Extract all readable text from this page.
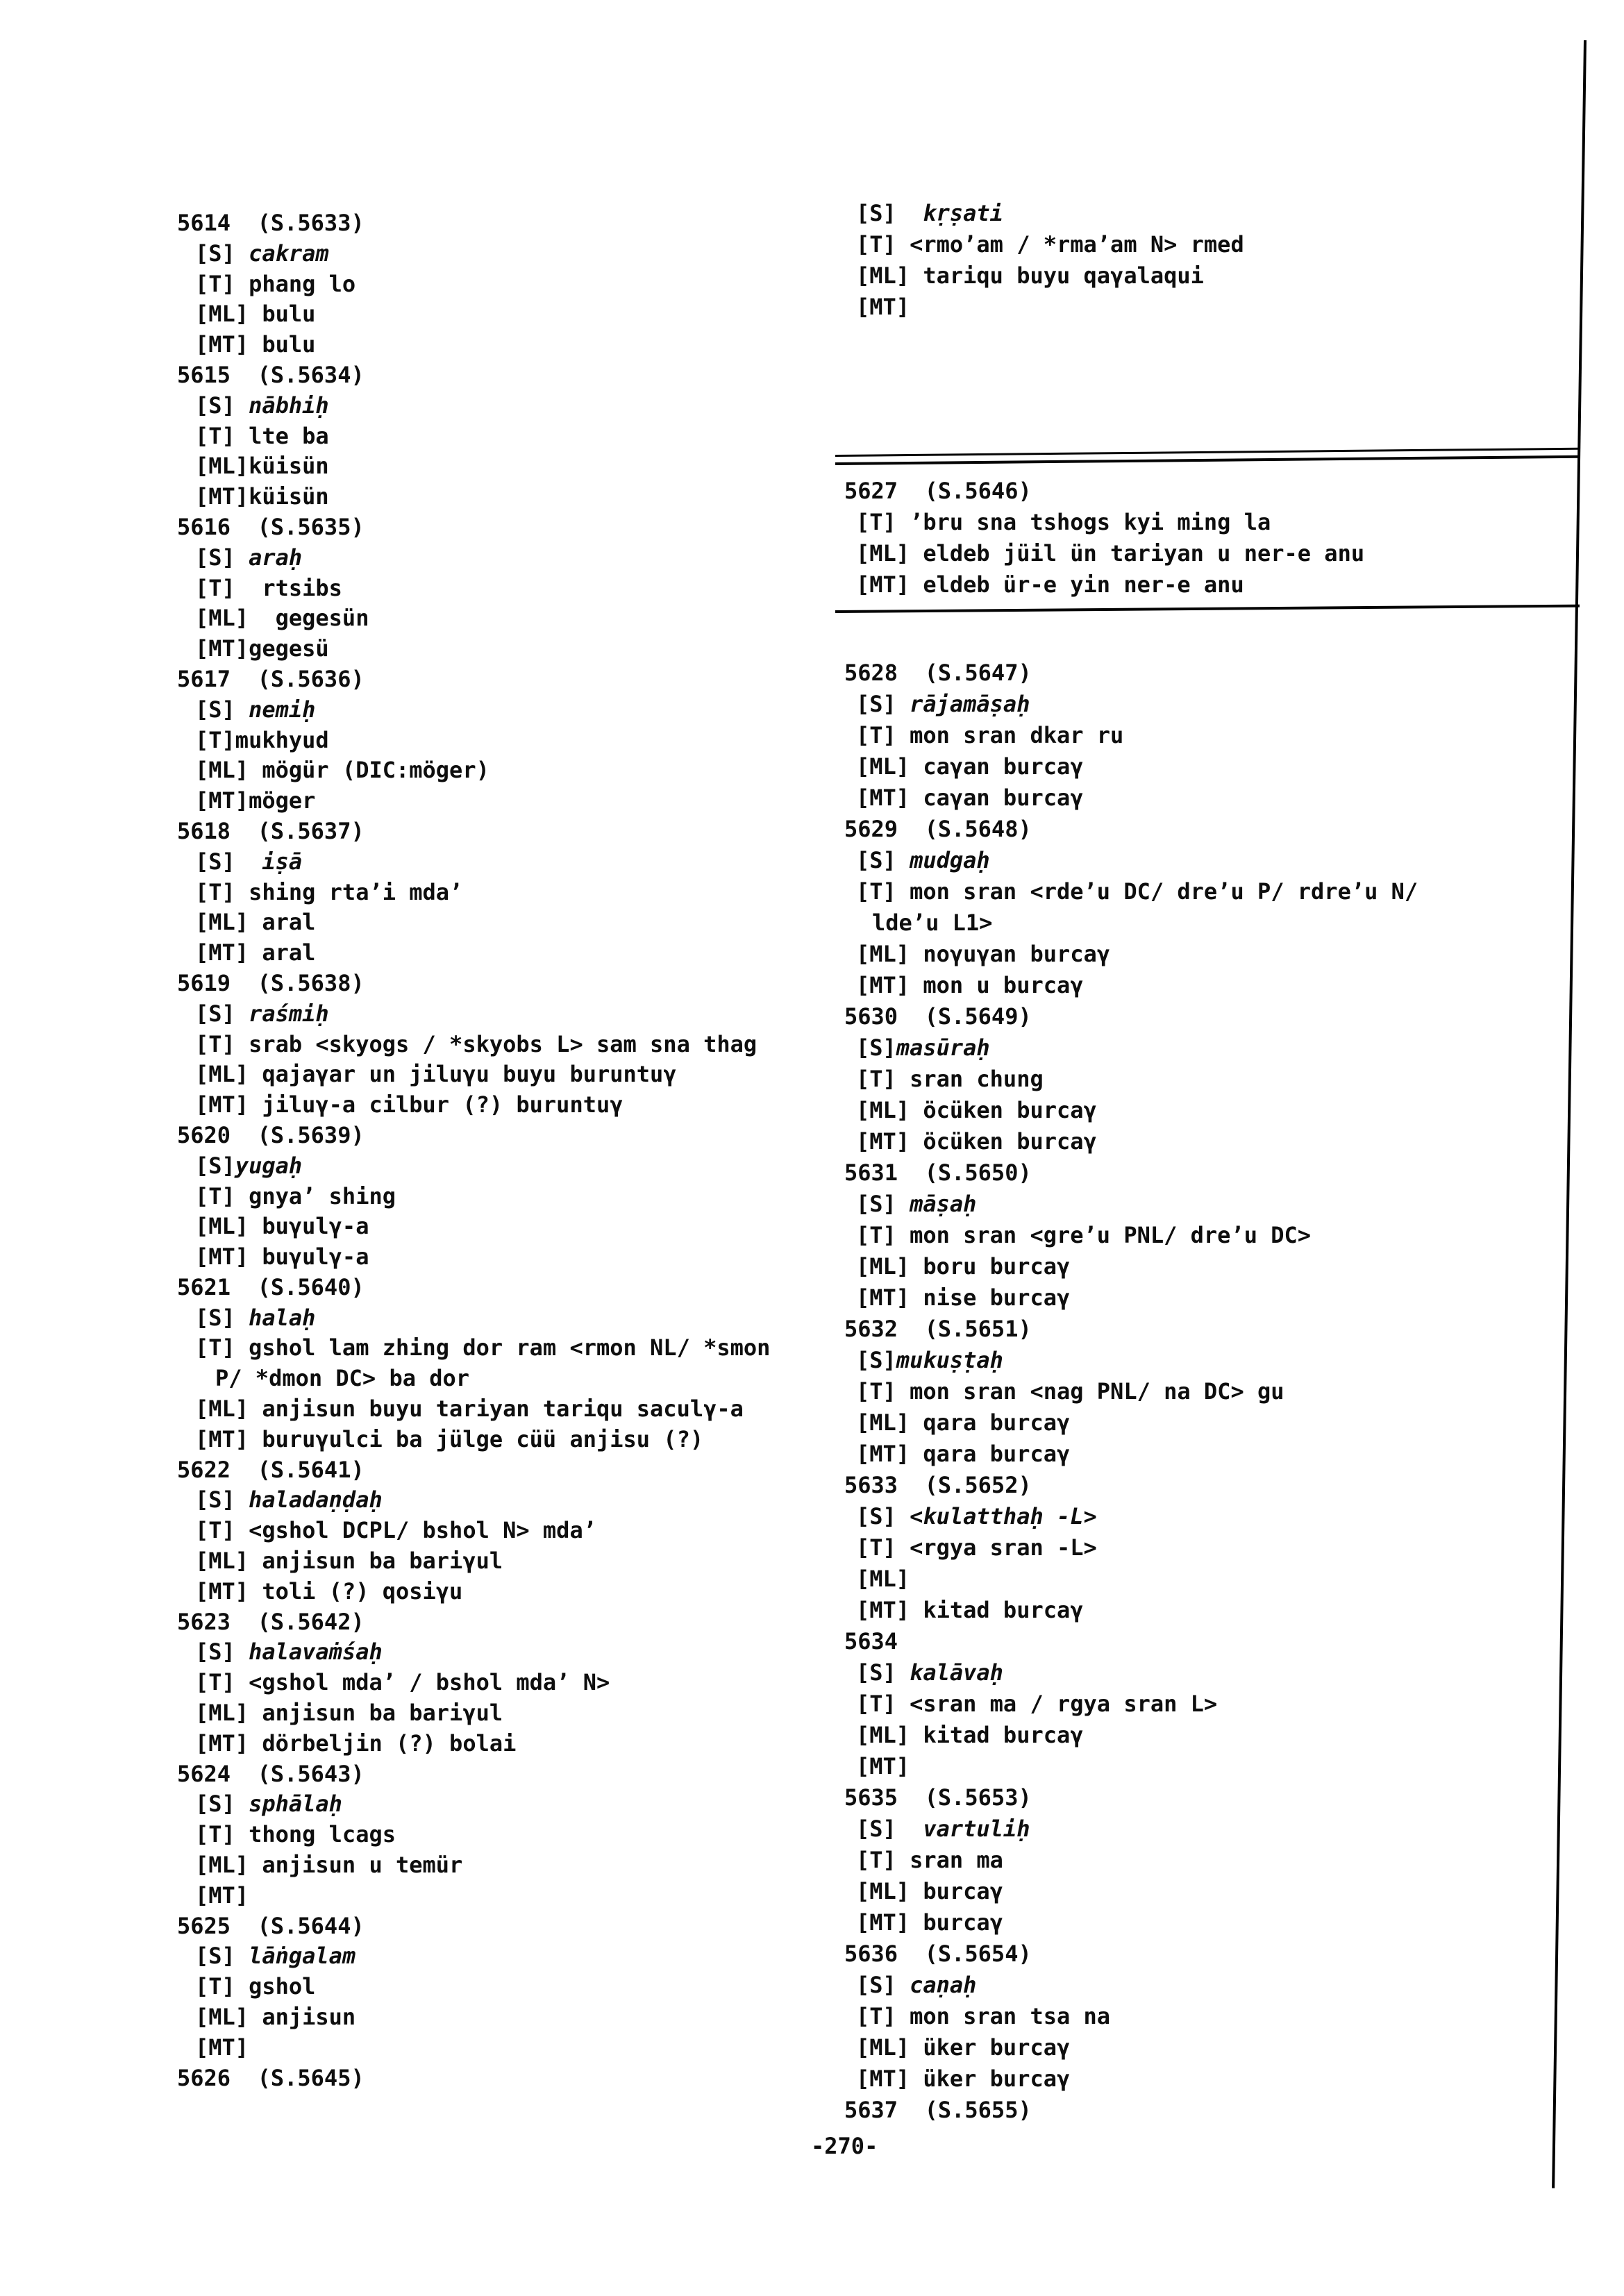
5614  (S.5633)
[S] cakram
[T] phang lo
[ML] bulu
[MT] bulu
5615  (S.5634)
[S] nābhiḥ
[T] lte ba
[ML]küisün
[MT]küisün
5616  (S.5635)
[S] araḥ
[T]  rtsibs
[ML]  gegesün
[MT]gegesü
5617  (S.5636)
[S] nemiḥ
[T]mukhyud
[ML] mögür (DIC:möger)
[MT]möger
5618  (S.5637)
[S]  iṣā
[T] shing rta’i mda’
[ML] aral
[MT] aral
5619  (S.5638)
[S] raśmiḥ
[T] srab <skyogs / *skyobs L> sam sna thag
[ML] qajaγar un jiluγu buyu buruntuγ
[MT] jiluγ-a cilbur (?) buruntuγ
5620  (S.5639)
[S]yugaḥ
[T] gnya’ shing
[ML] buγulγ-a
[MT] buγulγ-a
5621  (S.5640)
[S] halaḥ
[T] gshol lam zhing dor ram <rmon NL/ *smon
P/ *dmon DC> ba dor
[ML] anjisun buyu tariyan tariqu saculγ-a
[MT] buruγulci ba jülge cüü anjisu (?)
5622  (S.5641)
[S] haladaṇḍaḥ
[T] <gshol DCPL/ bshol N> mda’
[ML] anjisun ba bariγul
[MT] toli (?) qosiγu
5623  (S.5642)
[S] halavaṁśaḥ
[T] <gshol mda’ / bshol mda’ N>
[ML] anjisun ba bariγul
[MT] dörbeljin (?) bolai
5624  (S.5643)
[S] sphālaḥ
[T] thong lcags
[ML] anjisun u temür
[MT]
5625  (S.5644)
[S] lāṅgalam
[T] gshol
[ML] anjisun
[MT]
5626  (S.5645)
[S]  kṛṣati
[T] <rmo’am / *rma’am N> rmed
[ML] tariqu buyu qaγalaqui
[MT]
5627  (S.5646)
[T] ’bru sna tshogs kyi ming la
[ML] eldeb jüil ün tariyan u ner-e anu
[MT] eldeb ür-e yin ner-e anu
5628  (S.5647)
[S] rājamāṣaḥ
[T] mon sran dkar ru
[ML] caγan burcaγ
[MT] caγan burcaγ
5629  (S.5648)
[S] mudgaḥ
[T] mon sran <rde’u DC/ dre’u P/ rdre’u N/
lde’u L1>
[ML] noγuγan burcaγ
[MT] mon u burcaγ
5630  (S.5649)
[S]masūraḥ
[T] sran chung
[ML] öcüken burcaγ
[MT] öcüken burcaγ
5631  (S.5650)
[S] māṣaḥ
[T] mon sran <gre’u PNL/ dre’u DC>
[ML] boru burcaγ
[MT] nise burcaγ
5632  (S.5651)
[S]mukuṣṭaḥ
[T] mon sran <nag PNL/ na DC> gu
[ML] qara burcaγ
[MT] qara burcaγ
5633  (S.5652)
[S] <kulatthaḥ -L>
[T] <rgya sran -L>
[ML]
[MT] kitad burcaγ
5634
[S] kalāvaḥ
[T] <sran ma / rgya sran L>
[ML] kitad burcaγ
[MT]
5635  (S.5653)
[S]  vartuliḥ
[T] sran ma
[ML] burcaγ
[MT] burcaγ
5636  (S.5654)
[S] caṇaḥ
[T] mon sran tsa na
[ML] üker burcaγ
[MT] üker burcaγ
5637  (S.5655)
-270-
